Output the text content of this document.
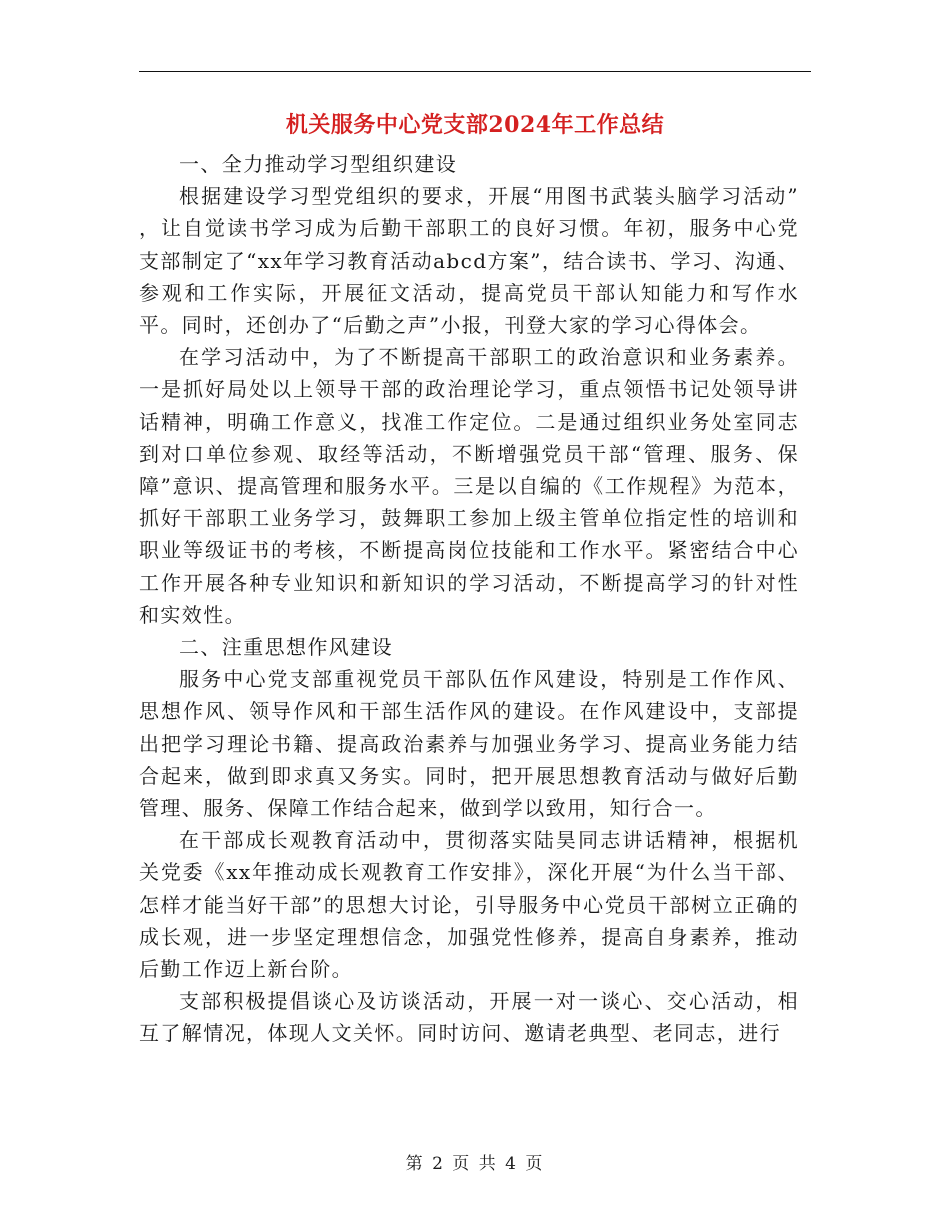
机关服务中心党支部2024年工作总结

一、全力推动学习型组织建设

根据建设学习型党组织的要求，开展“用图书武装头脑学习活动” ，让自觉读书学习成为后勤干部职工的良好习惯。年初，服务中心党支部制定了“xx年学习教育活动abcd方案”，结合读书、学习、沟通、参观和工作实际，开展征文活动，提高党员干部认知能力和写作水平。同时，还创办了“后勤之声”小报，刊登大家的学习心得体会。

在学习活动中，为了不断提高干部职工的政治意识和业务素养。一是抓好局处以上领导干部的政治理论学习，重点领悟书记处领导讲话精神，明确工作意义，找准工作定位。二是通过组织业务处室同志到对口单位参观、取经等活动，不断增强党员干部“管理、服务、保障”意识、提高管理和服务水平。三是以自编的《工作规程》为范本，抓好干部职工业务学习，鼓舞职工参加上级主管单位指定性的培训和职业等级证书的考核，不断提高岗位技能和工作水平。紧密结合中心工作开展各种专业知识和新知识的学习活动，不断提高学习的针对性和实效性。

二、注重思想作风建设

服务中心党支部重视党员干部队伍作风建设，特别是工作作风、思想作风、领导作风和干部生活作风的建设。在作风建设中，支部提出把学习理论书籍、提高政治素养与加强业务学习、提高业务能力结合起来，做到即求真又务实。同时，把开展思想教育活动与做好后勤管理、服务、保障工作结合起来，做到学以致用，知行合一。

在干部成长观教育活动中，贯彻落实陆昊同志讲话精神，根据机关党委《xx年推动成长观教育工作安排》，深化开展“为什么当干部、怎样才能当好干部”的思想大讨论，引导服务中心党员干部树立正确的成长观，进一步坚定理想信念，加强党性修养，提高自身素养，推动后勤工作迈上新台阶。

支部积极提倡谈心及访谈活动，开展一对一谈心、交心活动，相互了解情况，体现人文关怀。同时访问、邀请老典型、老同志，进行

第 2 页 共 4 页
